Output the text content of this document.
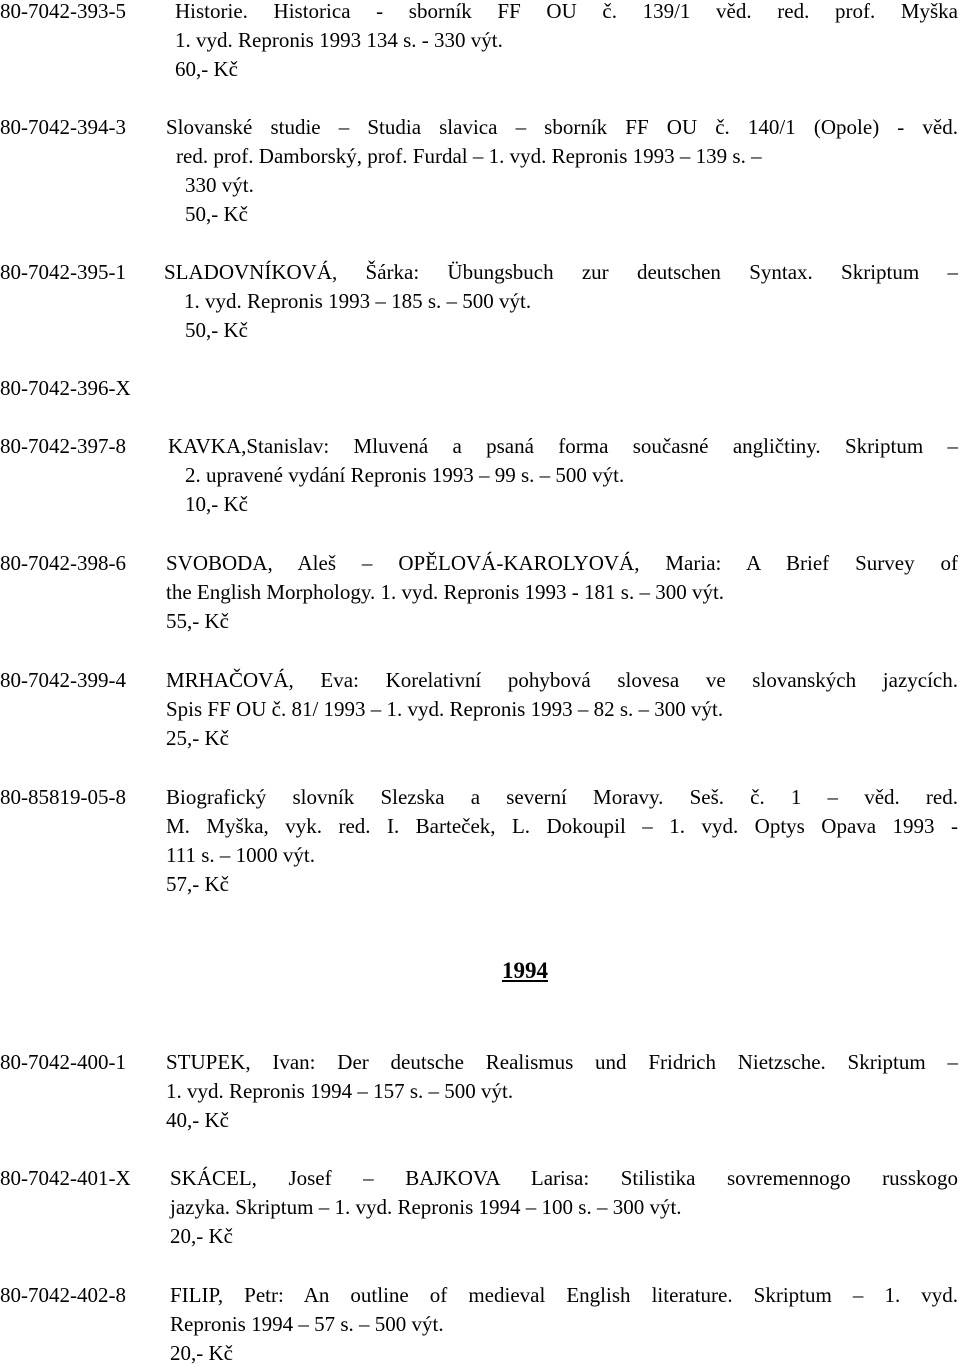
80-7042-393-5 Historie. Historica - sborník FF OU č. 139/1 věd. red. prof. Myška
1. vyd. Repronis 1993 134 s. - 330 výt.
60,- Kč
80-7042-394-3 Slovanské studie – Studia slavica – sborník FF OU č. 140/1 (Opole) - věd.
red. prof. Damborský, prof. Furdal – 1. vyd. Repronis 1993 – 139 s. –
330 výt.
50,- Kč
80-7042-395-1 SLADOVNÍKOVÁ, Šárka: Übungsbuch zur deutschen Syntax. Skriptum –
1. vyd. Repronis 1993 – 185 s. – 500 výt.
50,- Kč
80-7042-396-X
80-7042-397-8 KAVKA,Stanislav: Mluvená a psaná forma současné angličtiny. Skriptum –
2. upravené vydání Repronis 1993 – 99 s. – 500 výt.
10,- Kč
80-7042-398-6 SVOBODA, Aleš – OPĚLOVÁ-KAROLYOVÁ, Maria: A Brief Survey of
the English Morphology. 1. vyd. Repronis 1993 - 181 s. – 300 výt.
55,- Kč
80-7042-399-4 MRHAČOVÁ, Eva: Korelativní pohybová slovesa ve slovanských jazycích.
Spis FF OU č. 81/ 1993 – 1. vyd. Repronis 1993 – 82 s. – 300 výt.
25,- Kč
80-85819-05-8 Biografický slovník Slezska a severní Moravy. Seš. č. 1 – věd. red.
M. Myška, vyk. red. I. Barteček, L. Dokoupil – 1. vyd. Optys Opava 1993 -
111 s. – 1000 výt.
57,- Kč
1994
80-7042-400-1 STUPEK, Ivan: Der deutsche Realismus und Fridrich Nietzsche. Skriptum –
1. vyd. Repronis 1994 – 157 s. – 500 výt.
40,- Kč
80-7042-401-X SKÁCEL, Josef – BAJKOVA Larisa: Stilistika sovremennogo russkogo
jazyka. Skriptum – 1. vyd. Repronis 1994 – 100 s. – 300 výt.
20,- Kč
80-7042-402-8 FILIP, Petr: An outline of medieval English literature. Skriptum – 1. vyd.
Repronis 1994 – 57 s. – 500 výt.
20,- Kč
